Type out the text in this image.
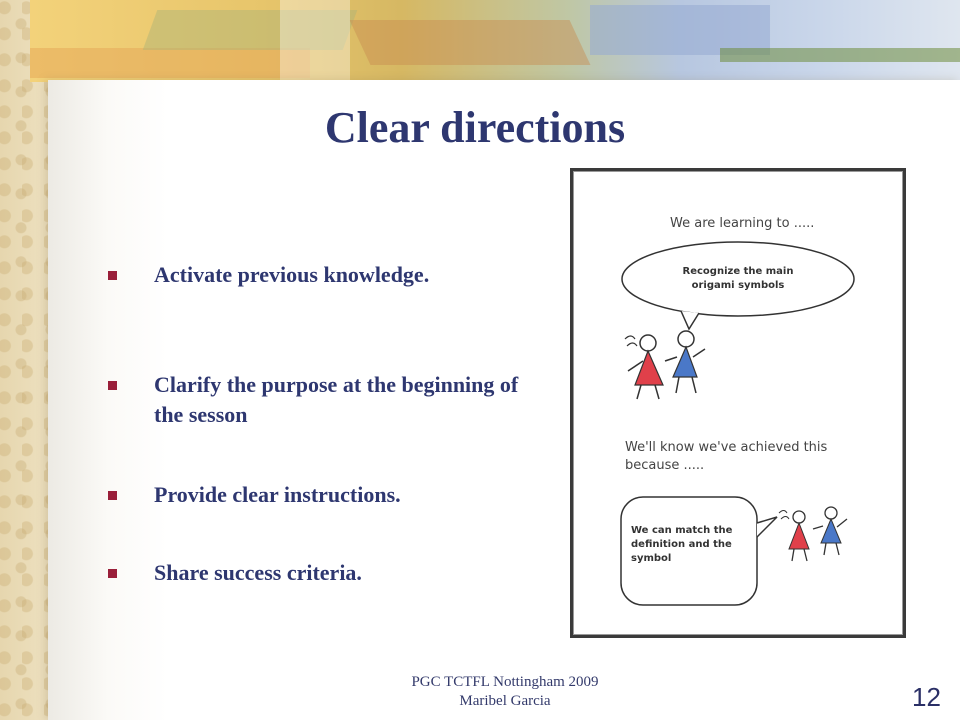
Clear directions
Activate previous knowledge.
Clarify the purpose at the beginning of the sesson
Provide clear instructions.
Share success criteria.
We are learning to .....
Recognize the main
origami symbols
We'll know we've achieved this
because .....
We can match the
definition and the
symbol
PGC TCTFL Nottingham 2009
Maribel Garcia	12
